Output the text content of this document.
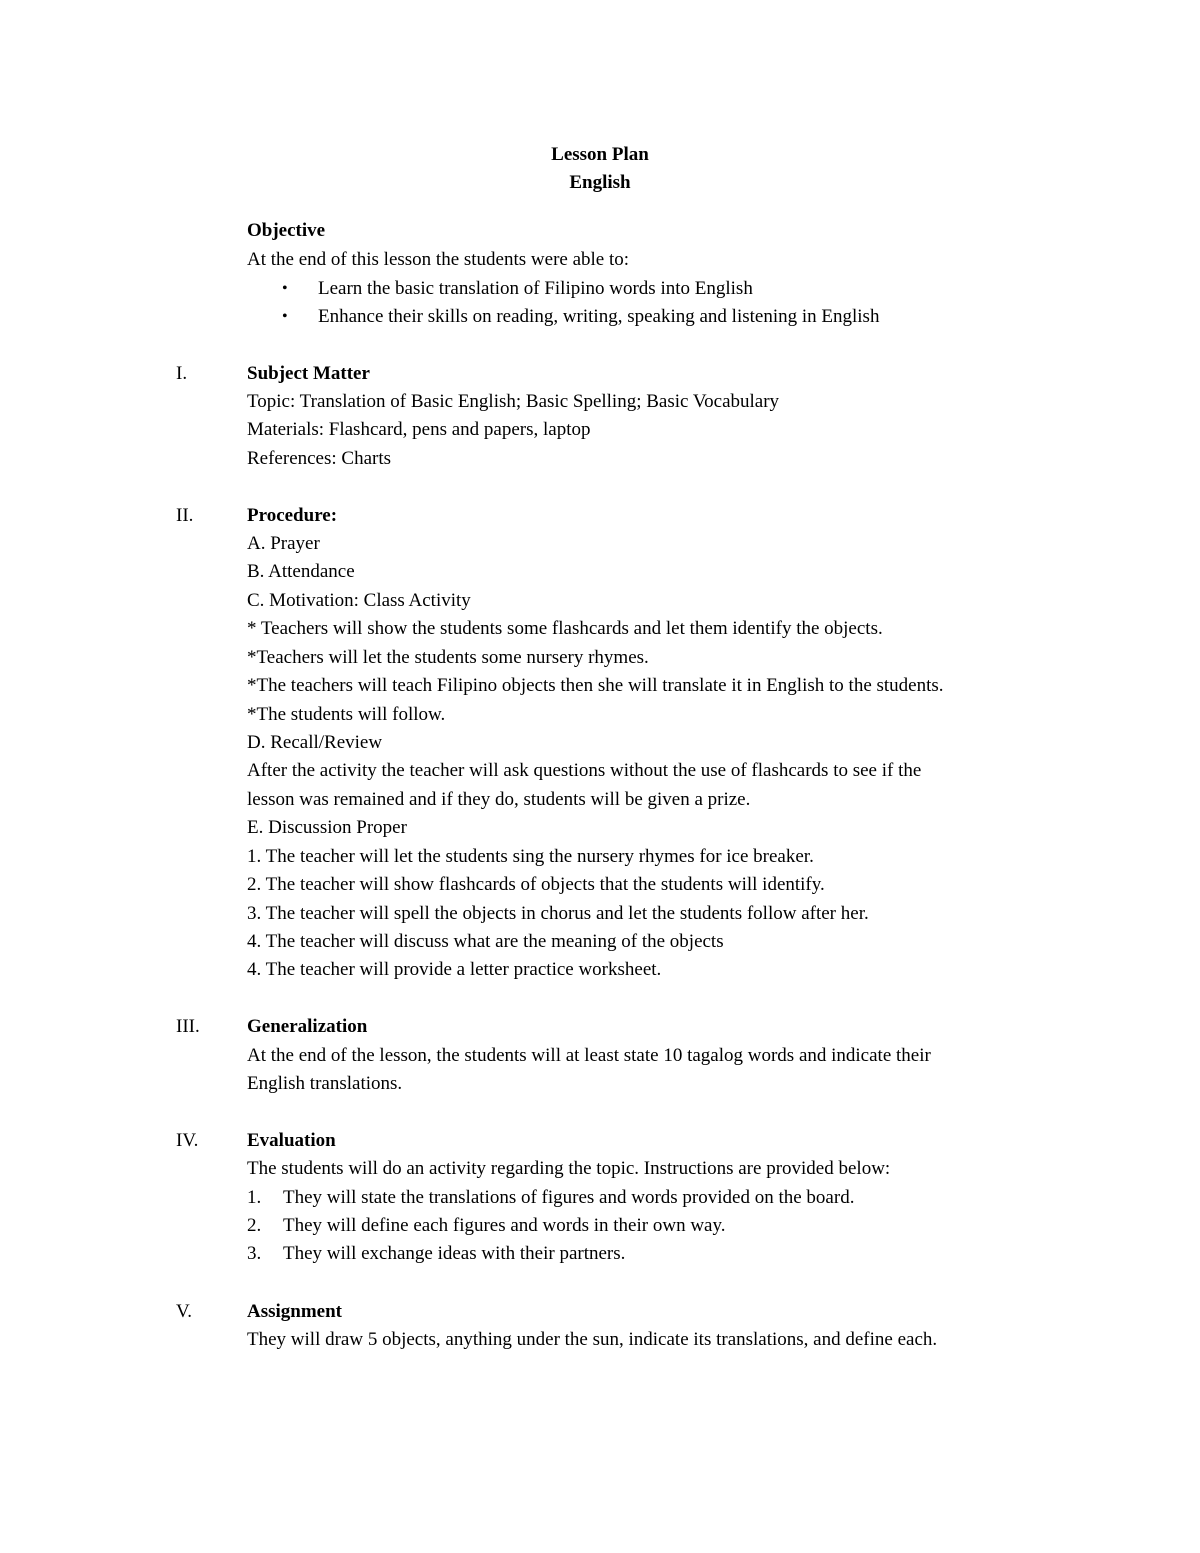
Lesson Plan
English
Objective
At the end of this lesson the students were able to:
• Learn the basic translation of Filipino words into English
• Enhance their skills on reading, writing, speaking and listening in English
I.	Subject Matter
Topic: Translation of Basic English; Basic Spelling; Basic Vocabulary
Materials: Flashcard, pens and papers, laptop
References: Charts
II.	Procedure:
A. Prayer
B. Attendance
C. Motivation: Class Activity
* Teachers will show the students some flashcards and let them identify the objects.
*Teachers will let the students some nursery rhymes.
*The teachers will teach Filipino objects then she will translate it in English to the students.
*The students will follow.
D. Recall/Review
After the activity the teacher will ask questions without the use of flashcards to see if the
lesson was remained and if they do, students will be given a prize.
E. Discussion Proper
1. The teacher will let the students sing the nursery rhymes for ice breaker.
2. The teacher will show flashcards of objects that the students will identify.
3. The teacher will spell the objects in chorus and let the students follow after her.
4. The teacher will discuss what are the meaning of the objects
4. The teacher will provide a letter practice worksheet.
III. Generalization
At the end of the lesson, the students will at least state 10 tagalog words and indicate their
English translations.
IV.	Evaluation
The students will do an activity regarding the topic. Instructions are provided below:
1. They will state the translations of figures and words provided on the board.
2. They will define each figures and words in their own way.
3. They will exchange ideas with their partners.
V.	Assignment
They will draw 5 objects, anything under the sun, indicate its translations, and define each.
